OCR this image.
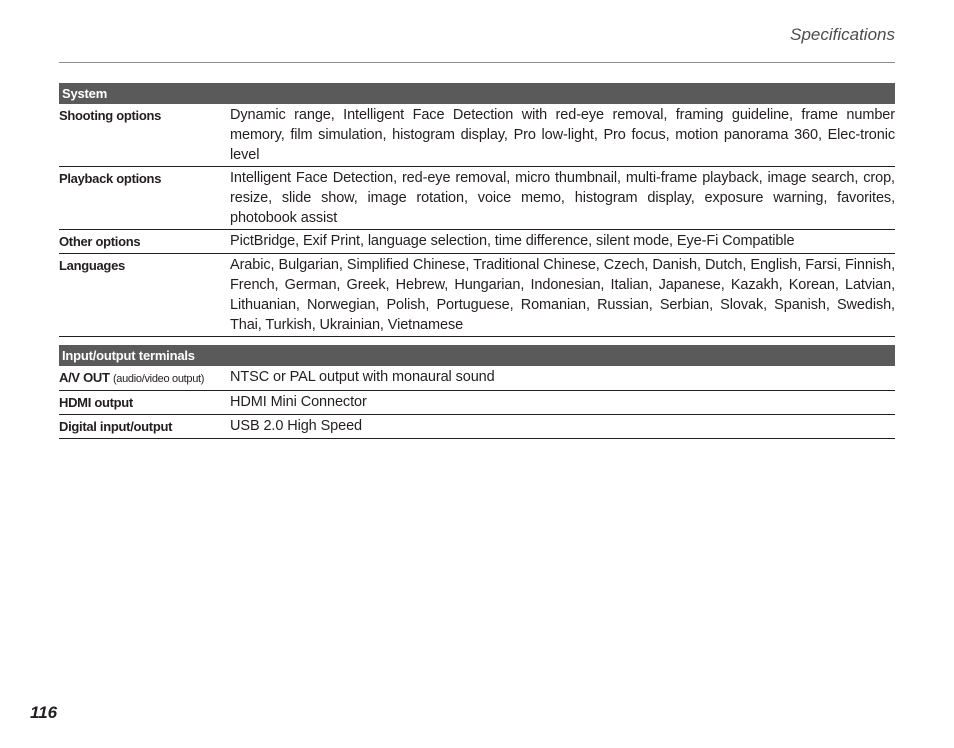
Specifications
System
Shooting options	Dynamic range, Intelligent Face Detection with red-eye removal, framing guideline, frame number memory, film simulation, histogram display, Pro low-light, Pro focus, motion panorama 360, Elec-tronic level
Playback options	Intelligent Face Detection, red-eye removal, micro thumbnail, multi-frame playback, image search, crop, resize, slide show, image rotation, voice memo, histogram display, exposure warning, favorites, photobook assist
Other options	PictBridge, Exif Print, language selection, time difference, silent mode, Eye-Fi Compatible
Languages	Arabic, Bulgarian, Simplified Chinese, Traditional Chinese, Czech, Danish, Dutch, English, Farsi, Finnish, French, German, Greek, Hebrew, Hungarian, Indonesian, Italian, Japanese, Kazakh, Korean, Latvian, Lithuanian, Norwegian, Polish, Portuguese, Romanian, Russian, Serbian, Slovak, Spanish, Swedish, Thai, Turkish, Ukrainian, Vietnamese
Input/output terminals
A/V OUT (audio/video output)	NTSC or PAL output with monaural sound
HDMI output	HDMI Mini Connector
Digital input/output	USB 2.0 High Speed
116
